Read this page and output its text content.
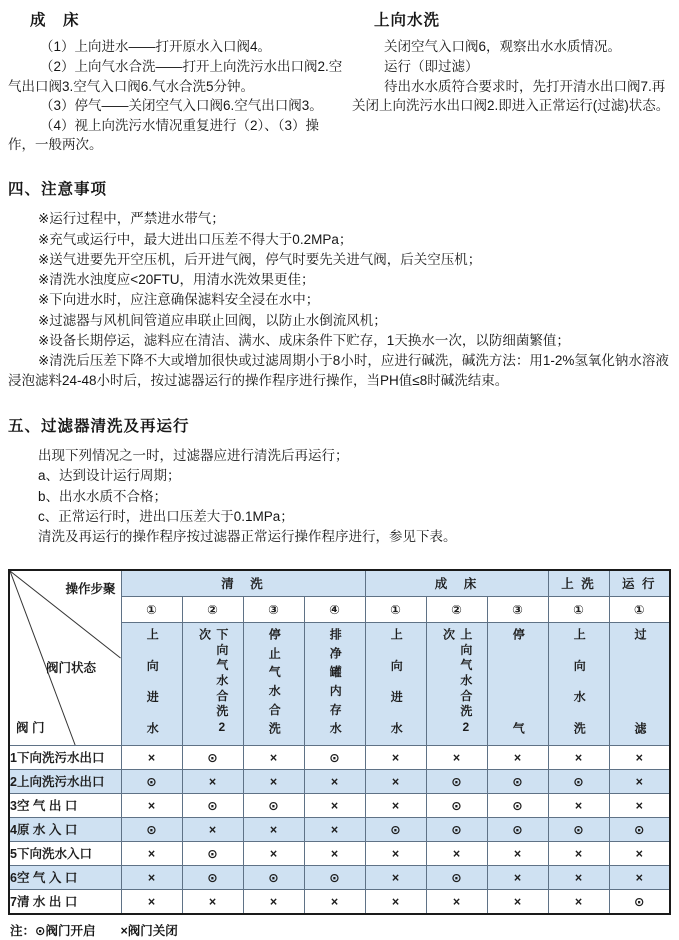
成　床

（1）上向进水——打开原水入口阀4。

（2）上向气水合洗——打开上向洗污水出口阀2.空气出口阀3.空气入口阀6.气水合洗5分钟。

（3）停气——关闭空气入口阀6.空气出口阀3。

（4）视上向洗污水情况重复进行（2）、（3）操作，一般两次。

上向水洗

关闭空气入口阀6，观察出水水质情况。

运行（即过滤）

待出水水质符合要求时，先打开清水出口阀7.再关闭上向洗污水出口阀2.即进入正常运行(过滤)状态。

四、注意事项

※运行过程中，严禁进水带气；

※充气或运行中，最大进出口压差不得大于0.2MPa；

※送气进要先开空压机，后开进气阀，停气时要先关进气阀，后关空压机；

※清洗水浊度应<20FTU，用清水洗效果更佳；

※下向进水时，应注意确保滤料安全浸在水中；

※过滤器与风机间管道应串联止回阀，以防止水倒流风机；

※设备长期停运，滤料应在清洁、满水、成床条件下贮存，1天换水一次，以防细菌繁值；

※清洗后压差下降不大或增加很快或过滤周期小于8小时，应进行碱洗，碱洗方法：用1-2%氢氧化钠水溶液浸泡滤料24-48小时后，按过滤器运行的操作程序进行操作，当PH值≤8时碱洗结束。

五、过滤器清洗及再运行

出现下列情况之一时，过滤器应进行清洗后再运行；

a、达到设计运行周期；

b、出水水质不合格；

c、正常运行时，进出口压差大于0.1MPa；

清洗及再运行的操作程序按过滤器正常运行操作程序进行，参见下表。

操作步聚
阀门状态
阀 门	清　洗				成　床			上 洗	运 行
	①	②	③	④	①	②	③	①	①
	上向进水	下向气水合洗2次	停止气水合洗	排净罐内存水	上向进水	上向气水合洗2次	停气	上向水洗	过滤
1下向洗污水出口	×	⊙	×	⊙	×	×	×	×	×
2上向洗污水出口	⊙	×	×	×	×	⊙	⊙	⊙	×
3空 气 出 口	×	⊙	⊙	×	×	⊙	⊙	×	×
4原 水 入 口	⊙	×	×	×	⊙	⊙	⊙	⊙	⊙
5下向洗水入口	×	⊙	×	×	×	×	×	×	×
6空 气 入 口	×	⊙	⊙	⊙	×	⊙	×	×	×
7清 水 出 口	×	×	×	×	×	×	×	×	⊙

注：⊙阀门开启　　×阀门关闭
